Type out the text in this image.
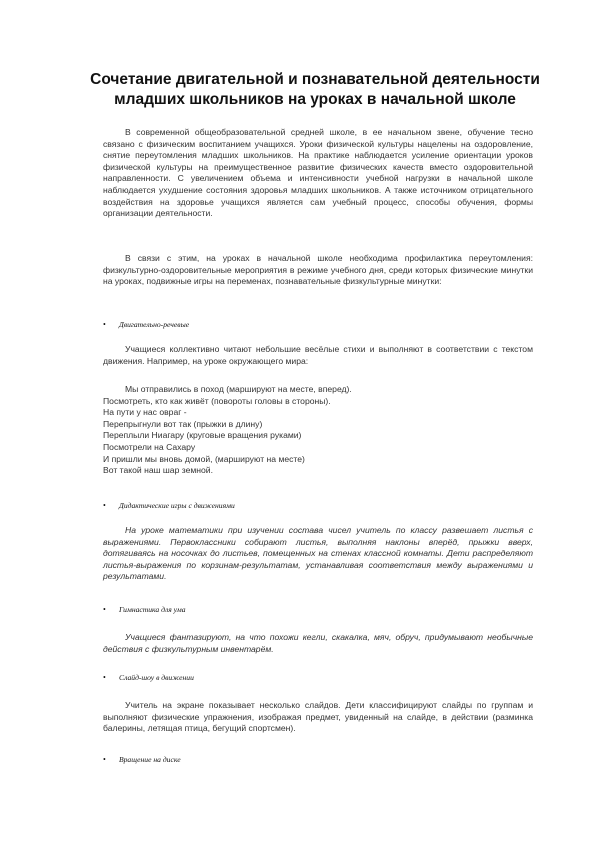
Сочетание двигательной и познавательной деятельности
младших школьников на уроках в начальной школе
В современной общеобразовательной средней школе, в ее начальном звене, обучение тесно связано с физическим воспитанием учащихся. Уроки физической культуры нацелены на оздоровление, снятие переутомления младших школьников. На практике наблюдается усиление ориентации уроков физической культуры на преимущественное развитие физических качеств вместо оздоровительной направленности. С увеличением объема и интенсивности учебной нагрузки в начальной школе наблюдается ухудшение состояния здоровья младших школьников. А также источником отрицательного воздействия на здоровье учащихся является сам учебный процесс, способы обучения, формы организации деятельности.
В связи с этим, на уроках в начальной школе необходима профилактика переутомления: физкультурно-оздоровительные мероприятия в режиме учебного дня, среди которых физические минутки на уроках, подвижные игры на переменах, познавательные физкультурные минутки:
• Двигательно-речевые
Учащиеся коллективно читают небольшие весёлые стихи и выполняют в соответствии с текстом движения. Например, на уроке окружающего мира:
Мы отправились в поход (маршируют на месте, вперед).
Посмотреть, кто как живёт (повороты головы в стороны).
На пути у нас овраг -
Перепрыгнули вот так (прыжки в длину)
Переплыли Ниагару (круговые вращения руками)
Посмотрели на Сахару
И пришли мы вновь домой, (маршируют на месте)
Вот такой наш шар земной.
• Дидактические игры с движениями
На уроке математики при изучении состава чисел учитель по классу развешает листья с выражениями. Первоклассники собирают листья, выполняя наклоны вперёд, прыжки вверх, дотягиваясь на носочках до листьев, помещенных на стенах классной комнаты. Дети распределяют листья-выражения по корзинам-результатам, устанавливая соответствия между выражениями и результатами.
• Гимнастика для ума
Учащиеся фантазируют, на что похожи кегли, скакалка, мяч, обруч, придумывают необычные действия с физкультурным инвентарём.
• Слайд-шоу в движении
Учитель на экране показывает несколько слайдов. Дети классифицируют слайды по группам и выполняют физические упражнения, изображая предмет, увиденный на слайде, в действии (разминка балерины, летящая птица, бегущий спортсмен).
• Вращение на диске
